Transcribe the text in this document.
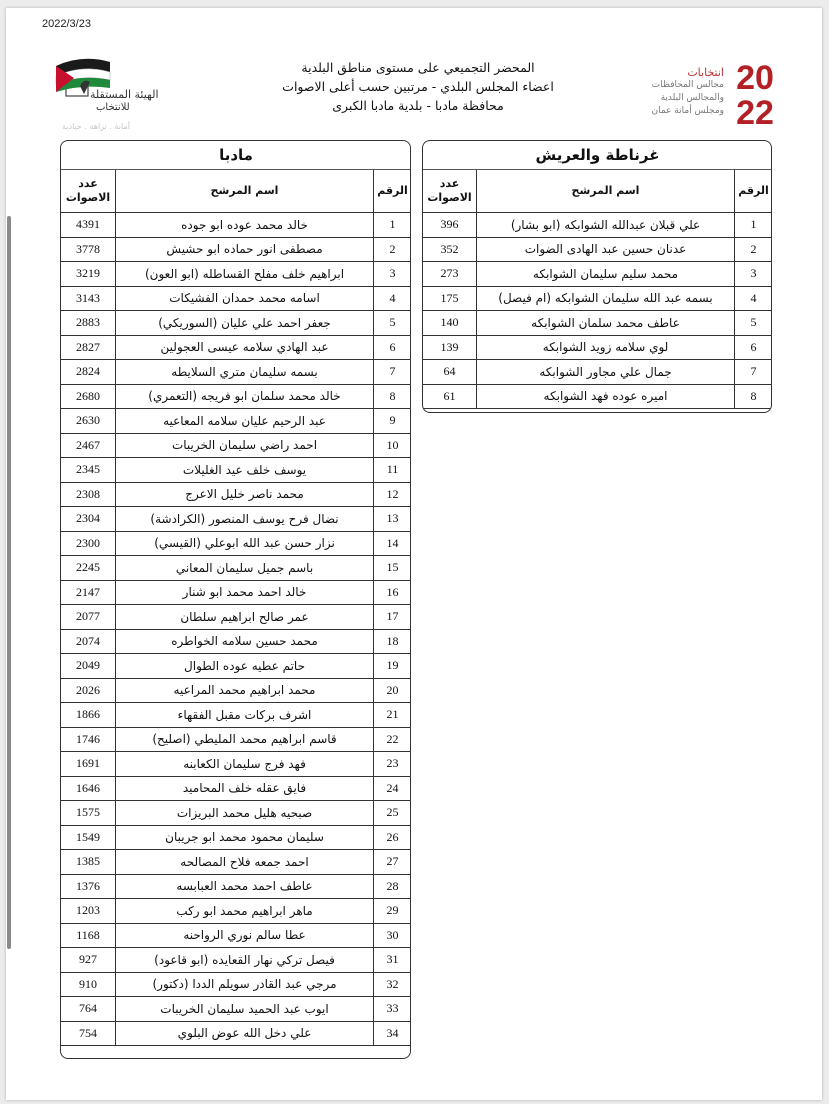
2022/3/23
الهيئة المستقلة
للانتخاب
أمانة . نزاهة . حيادية
المحضر التجميعي على مستوى مناطق البلدية
اعضاء المجلس البلدي - مرتبين حسب أعلى الاصوات
محافظة مادبا - بلدية مادبا الكبرى
20
22
انتخابات
مجالس المحافظات
والمجالس البلدية
ومجلس أمانة عمان
غرناطة والعريش		
الرقم	اسم المرشح	عدد الاصوات
1	علي قبلان عبدالله الشوابكه (ابو بشار)	396
2	عدنان حسين عبد الهادى الضوات	352
3	محمد سليم سليمان الشوابكه	273
4	بسمه عبد الله سليمان الشوابكه (ام فيصل)	175
5	عاطف محمد سلمان الشوابكه	140
6	لوي سلامه زويد الشوابكه	139
7	جمال علي مجاور الشوابكه	64
8	اميره عوده فهد الشوابكه	61
مادبا		
الرقم	اسم المرشح	عدد الاصوات
1	خالد محمد عوده ابو جوده	4391
2	مصطفى انور حماده ابو حشيش	3778
3	ابراهيم خلف مفلح القساطله (ابو العون)	3219
4	اسامه محمد حمدان الفشيكات	3143
5	جعفر احمد علي عليان (السوريكي)	2883
6	عبد الهادي سلامه عيسى العجولين	2827
7	بسمه سليمان متري السلايطه	2824
8	خالد محمد سلمان ابو فريجه (التعمري)	2680
9	عبد الرحيم عليان سلامه المعاعيه	2630
10	احمد راضي سليمان الخريبات	2467
11	يوسف خلف عيد الغليلات	2345
12	محمد ناصر خليل الاعرج	2308
13	نضال فرح يوسف المنصور (الكرادشة)	2304
14	نزار حسن عبد الله ابوعلي (القيسي)	2300
15	باسم جميل سليمان المعاني	2245
16	خالد احمد محمد ابو شنار	2147
17	عمر صالح ابراهيم سلطان	2077
18	محمد حسين سلامه الخواطره	2074
19	حاتم عطيه عوده الطوال	2049
20	محمد ابراهيم محمد المراعيه	2026
21	اشرف بركات مقبل الفقهاء	1866
22	قاسم ابراهيم محمد المليطي (اصليح)	1746
23	فهد فرج سليمان الكعابنه	1691
24	فايق عقله خلف المحاميد	1646
25	صبحيه هليل محمد البريزات	1575
26	سليمان محمود محمد ابو جريبان	1549
27	احمد جمعه فلاح المصالحه	1385
28	عاطف احمد محمد العبابسه	1376
29	ماهر ابراهيم محمد ابو ركب	1203
30	عطا سالم نوري الرواحنه	1168
31	فيصل تركي نهار القعايده (ابو قاعود)	927
32	مرجي عبد القادر سويلم الددا (دكتور)	910
33	ايوب عبد الحميد سليمان الخريبات	764
34	علي دخل الله عوض البلوي	754
